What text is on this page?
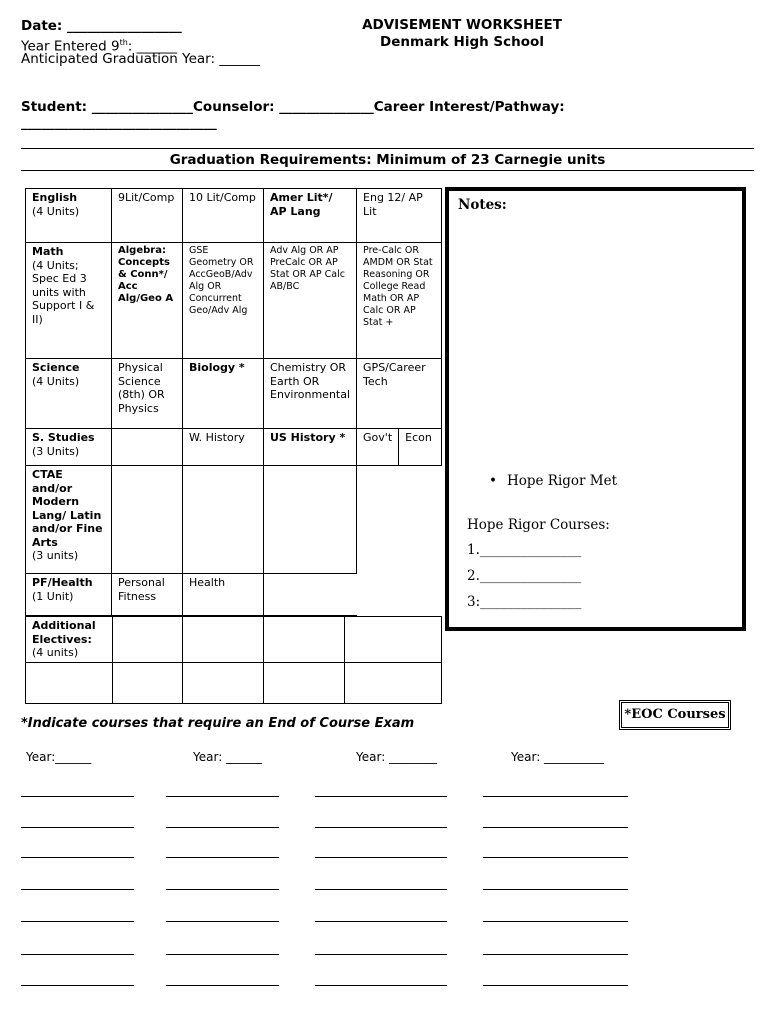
Date: _________________
Year Entered 9th: ______
Anticipated Graduation Year: ______
ADVISEMENT WORKSHEET
Denmark High School
Student: _______________Counselor: ______________Career Interest/Pathway:
_____________________________
Graduation Requirements: Minimum of 23 Carnegie units
English
(4 Units)	9Lit/Comp	10 Lit/Comp	Amer Lit*/ AP Lang	Eng 12/ AP Lit	

Math
(4 Units; Spec Ed 3 units with Support I & II)	Algebra: Concepts & Conn*/ Acc Alg/Geo A	GSE Geometry OR AccGeoB/Adv Alg OR Concurrent Geo/Adv Alg	Adv Alg OR AP PreCalc OR AP Stat OR AP Calc AB/BC	Pre-Calc OR AMDM OR Stat Reasoning OR College Read Math OR AP Calc OR AP Stat +	

Science
(4 Units)	Physical Science (8th) OR Physics	Biology *	Chemistry OR Earth OR Environmental	GPS/Career Tech	

S. Studies
(3 Units)		W. History	US History *	Gov't	Econ

CTAE and/or Modern Lang/ Latin and/or Fine Arts
(3 units)					

PF/Health
(1 Unit)	Personal Fitness	Health			
Additional Electives:
(4 units)				

Notes:
• Hope Rigor Met
Hope Rigor Courses:
1._______________
2._______________
3:_______________
*EOC Courses
*Indicate courses that require an End of Course Exam
Year:______	Year: ______	Year: ________	Year: __________
